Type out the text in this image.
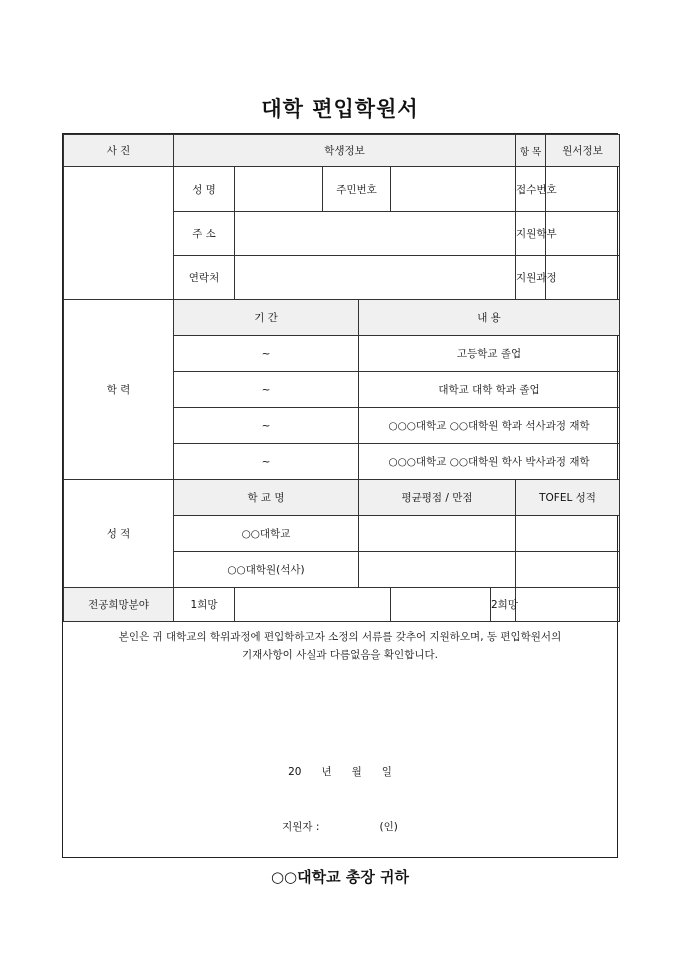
대학 편입학원서
사 진	학생정보						항 목	원서정보
	성 명		주민번호				접수번호	
	주 소						지원학부	
	연락처						지원과정	
학 력	기 간			내 용				
	~			고등학교 졸업				
	~			대학교 대학 학과 졸업				
	~			○○○대학교 ○○대학원 학과 석사과정 재학				
	~			○○○대학교 ○○대학원 학사 박사과정 재학				
성 적	학 교 명			평균평점 / 만점			TOFEL 성적	
	○○대학교							
	○○대학원(석사)							
전공희망분야	1희망					2희망		
본인은 귀 대학교의 학위과정에 편입학하고자 소정의 서류를 갖추어 지원하오며, 동 편입학원서의
기재사항이 사실과 다름없음을 확인합니다.
20      년      월      일
지원자 :                  (인)
○○대학교 총장 귀하
